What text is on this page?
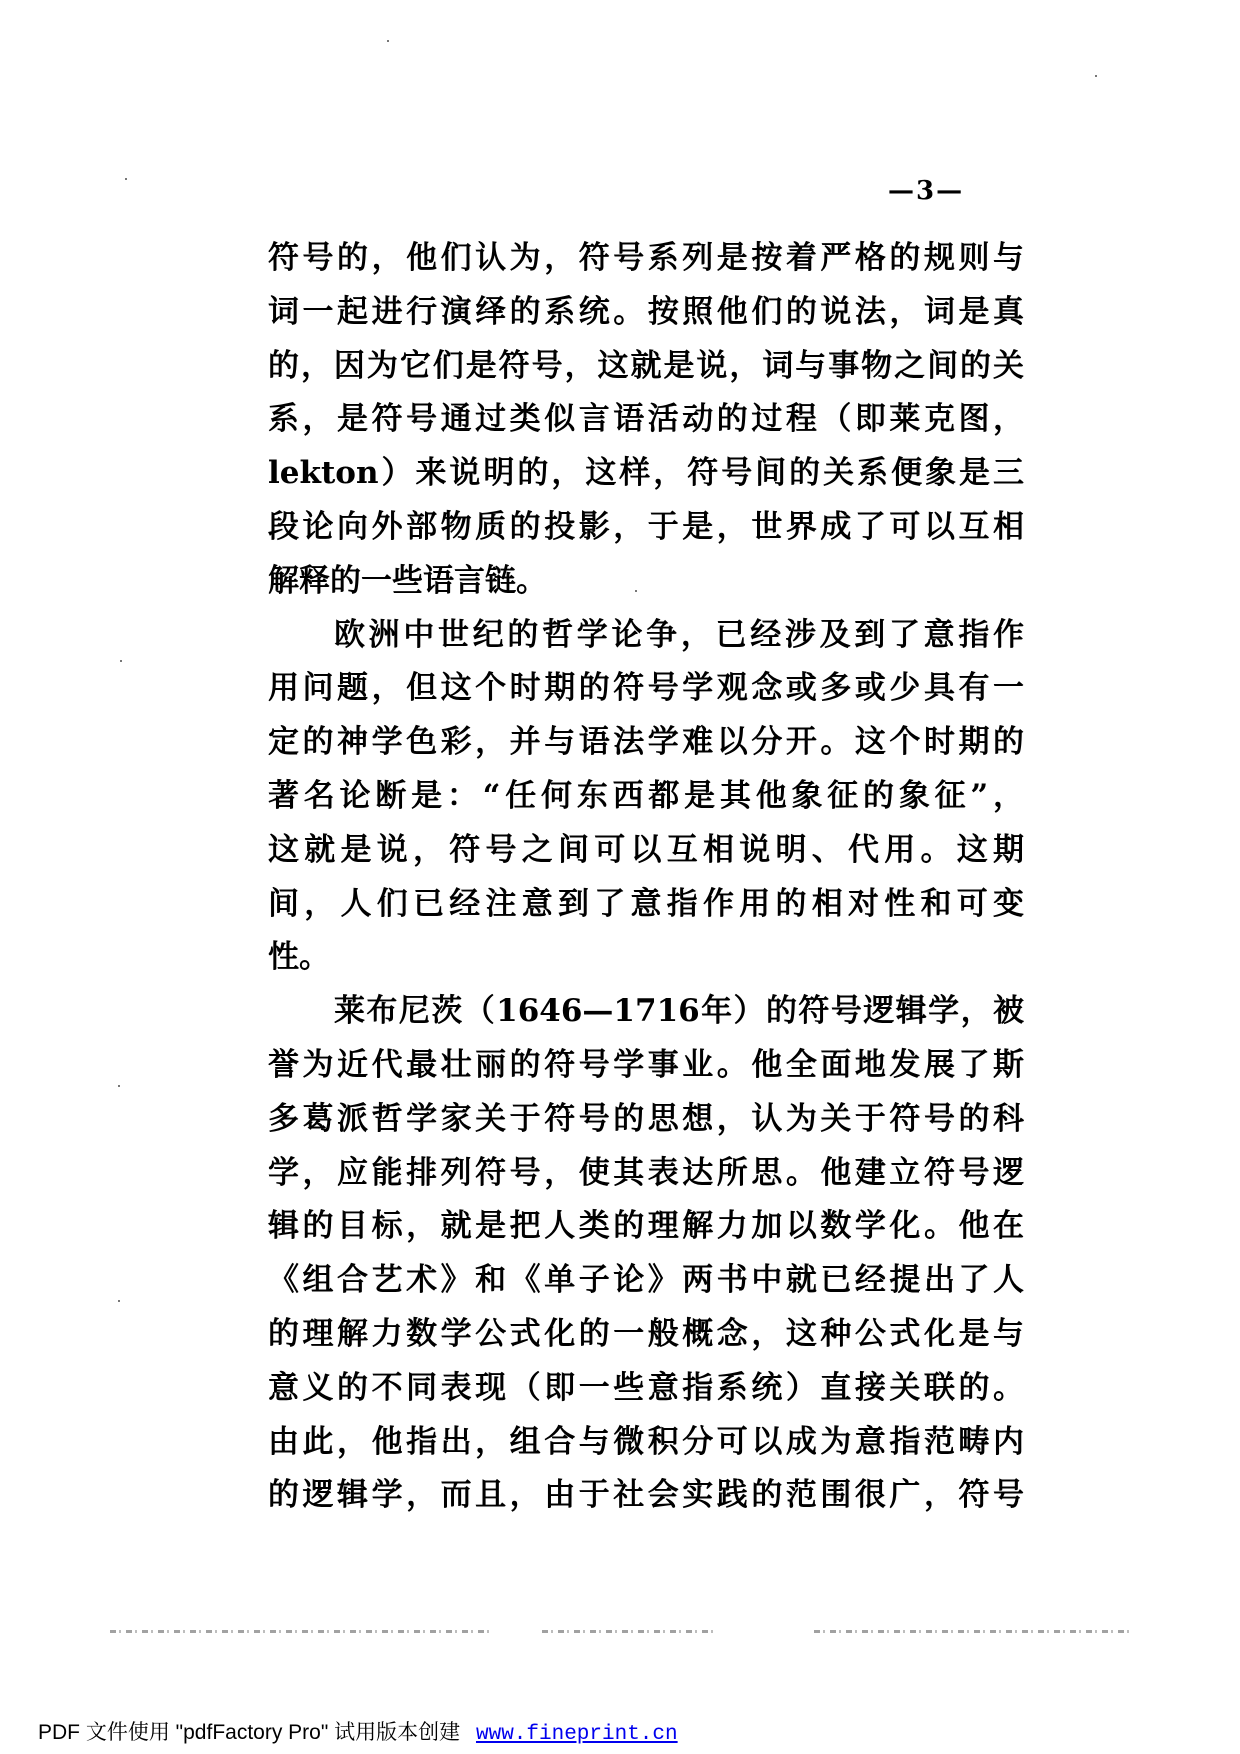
—3—
符号的，他们认为，符号系列是按着严格的规则与
词一起进行演绎的系统。按照他们的说法，词是真
的，因为它们是符号，这就是说，词与事物之间的关
系，是符号通过类似言语活动的过程（即莱克图，
lekton）来说明的，这样，符号间的关系便象是三
段论向外部物质的投影，于是，世界成了可以互相
解释的一些语言链。
欧洲中世纪的哲学论争，已经涉及到了意指作
用问题，但这个时期的符号学观念或多或少具有一
定的神学色彩，并与语法学难以分开。这个时期的
著名论断是：“任何东西都是其他象征的象征”，
这就是说，符号之间可以互相说明、代用。这期
间，人们已经注意到了意指作用的相对性和可变
性。
莱布尼茨（1646—1716年）的符号逻辑学，被
誉为近代最壮丽的符号学事业。他全面地发展了斯
多葛派哲学家关于符号的思想，认为关于符号的科
学，应能排列符号，使其表达所思。他建立符号逻
辑的目标，就是把人类的理解力加以数学化。他在
《组合艺术》和《单子论》两书中就已经提出了人
的理解力数学公式化的一般概念，这种公式化是与
意义的不同表现（即一些意指系统）直接关联的。
由此，他指出，组合与微积分可以成为意指范畴内
的逻辑学，而且，由于社会实践的范围很广，符号
PDF 文件使用 "pdfFactory Pro" 试用版本创建 www.fineprint.cn
